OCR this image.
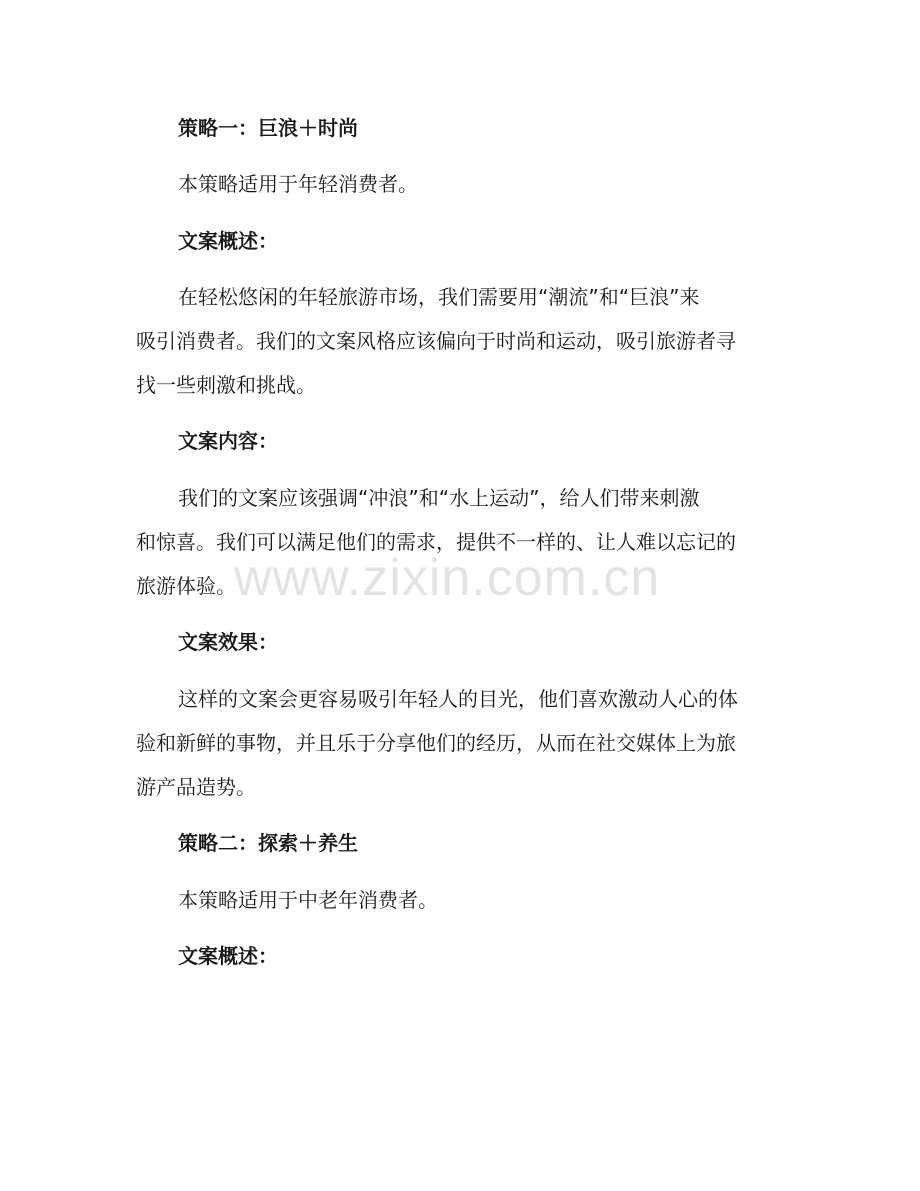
策略一：巨浪＋时尚
本策略适用于年轻消费者。
文案概述：
在轻松悠闲的年轻旅游市场，我们需要用“潮流”和“巨浪”来
吸引消费者。我们的文案风格应该偏向于时尚和运动，吸引旅游者寻
找一些刺激和挑战。
文案内容：
我们的文案应该强调“冲浪”和“水上运动”，给人们带来刺激
和惊喜。我们可以满足他们的需求，提供不一样的、让人难以忘记的
旅游体验。
文案效果：
这样的文案会更容易吸引年轻人的目光，他们喜欢激动人心的体
验和新鲜的事物，并且乐于分享他们的经历，从而在社交媒体上为旅
游产品造势。
策略二：探索＋养生
本策略适用于中老年消费者。
文案概述：
www.zixin.com.cn
